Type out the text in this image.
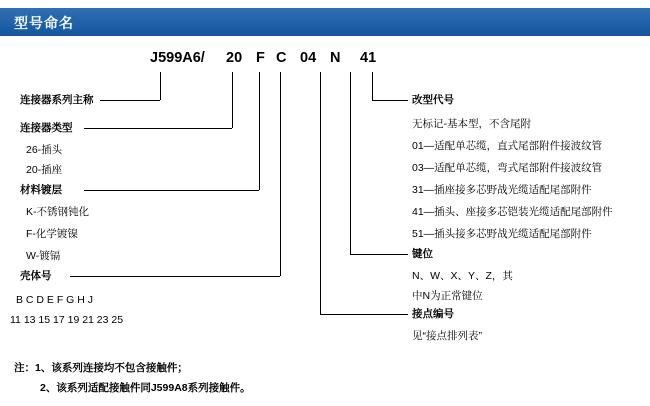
型号命名
J599A6/ 20 F C 04 N 41
连接器系列主称
连接器类型
26-插头
20-插座
材料镀层
K-不锈钢钝化
F-化学镀镍
W-镀镉
壳体号
B C D E F G H J
11 13 15 17 19 21 23 25
改型代号
无标记-基本型，不含尾附
01—适配单芯缆，直式尾部附件接波纹管
03—适配单芯缆，弯式尾部附件接波纹管
31—插座接多芯野战光缆适配尾部附件
41—插头、座接多芯铠装光缆适配尾部附件
51—插头接多芯野战光缆适配尾部附件
键位
N、W、X、Y、Z，其
中N为正常键位
接点编号
见“接点排列表”
注：1、该系列连接均不包含接触件；
2、该系列适配接触件同J599A8系列接触件。
